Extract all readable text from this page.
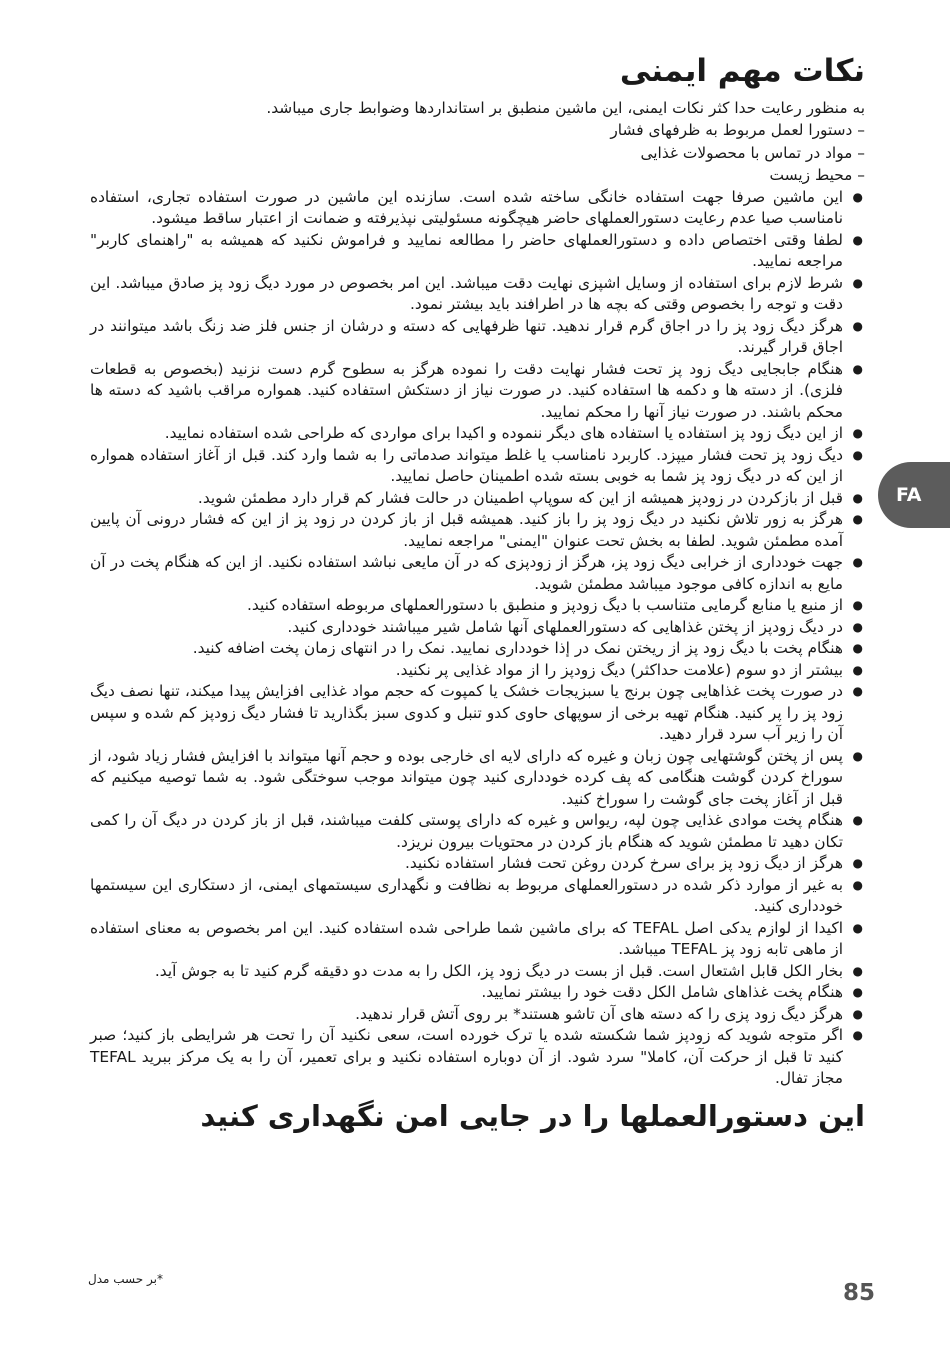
نکات مهم ایمنی

به منظور رعایت حدا کثر نکات ایمنی، این ماشین منطبق بر استانداردها وضوابط جاری میباشد.

– دستورا لعمل مربوط به ظرفهای فشار

– مواد در تماس با محصولات غذایی

– محیط زیست

● این ماشین صرفا جهت استفاده خانگی ساخته شده است. سازنده این ماشین در صورت استفاده تجاری، استفاده نامناسب صیا عدم رعایت دستورالعملهای حاضر هیچگونه مسئولیتی نپذیرفته و ضمانت از اعتبار ساقط میشود.
● لطفا وقتی اختصاص داده و دستورالعملهای حاضر را مطالعه نمایید و فراموش نکنید که همیشه به "راهنمای کاربر" مراجعه نمایید.
● شرط لازم برای استفاده از وسایل اشپزی نهایت دقت میباشد. این امر بخصوص در مورد دیگ زود پز صادق میباشد. این دقت و توجه را بخصوص وقتی که بچه ها در اطرافند باید بیشتر نمود.
● هرگز دیگ زود پز را در اجاق گرم قرار ندهید. تنها ظرفهایی که دسته و درشان از جنس فلز ضد زنگ باشد میتوانند در اجاق قرار گیرند.
● هنگام جابجایی دیگ زود پز تحت فشار نهایت دقت را نموده هرگز به سطوح گرم دست نزنید (بخصوص به قطعات فلزی). از دسته ها و دکمه ها استفاده کنید. در صورت نیاز از دستکش استفاده کنید. همواره مراقب باشید که دسته ها محکم باشند. در صورت نیاز آنها را محکم نمایید.
● از این دیگ زود پز استفاده یا استفاده های دیگر ننموده و اکیدا برای مواردی که طراحی شده استفاده نمایید.
● دیگ زود پز تحت فشار میپزد. کاربرد نامناسب یا غلط میتواند صدماتی را به شما وارد کند. قبل از آغاز استفاده همواره از این که در دیگ زود پز شما به خوبی بسته شده اطمینان حاصل نمایید.
● قبل از بازکردن در زودپز همیشه از این که سوپاپ اطمینان در حالت فشار کم قرار دارد مطمئن شوید.
● هرگز به زور تلاش نکنید در دیگ زود پز را باز کنید. همیشه قبل از باز کردن در زود پز از این که فشار درونی آن پایین آمده مطمئن شوید. لطفا به بخش تحت عنوان "ایمنی" مراجعه نمایید.
● جهت خودداری از خرابی دیگ زود پز، هرگز از زودپزی که در آن مایعی نباشد استفاده نکنید. از این که هنگام پخت در آن مایع به اندازه کافی موجود میباشد مطمئن شوید.
● از منبع یا منابع گرمایی متناسب با دیگ زودپز و منطبق با دستورالعملهای مربوطه استفاده کنید.
● در دیگ زودپز از پختن غذاهایی که دستورالعملهای آنها شامل شیر میباشند خودداری کنید.
● هنگام پخت با دیگ زود پز از ریختن نمک در إذا خودداری نمایید. نمک را در انتهای زمان پخت اضافه کنید.
● بیشتر از دو سوم (علامت حداکثر) دیگ زودپز را از مواد غذایی پر نکنید.
● در صورت پخت غذاهایی چون برنج یا سبزیجات خشک یا کمپوت که حجم مواد غذایی افزایش پیدا میکند، تنها نصف دیگ زود پز را پر کنید. هنگام تهیه برخی از سوپهای حاوی کدو تنبل و کدوی سبز بگذارید تا فشار دیگ زودپز کم شده و سپس آن را زیر آب سرد قرار دهید.
● پس از پختن گوشتهایی چون زبان و غیره که دارای لایه ای خارجی بوده و حجم آنها میتواند با افزایش فشار زیاد شود، از سوراخ کردن گوشت هنگامی که پف کرده خودداری کنید چون میتواند موجب سوختگی شود. به شما توصیه میکنیم که قبل از آغاز پخت جای گوشت را سوراخ کنید.
● هنگام پخت موادی غذایی چون لپه، ریواس و غیره که دارای پوستی کلفت میباشند، قبل از باز کردن در دیگ آن را کمی تکان دهید تا مطمئن شوید که هنگام باز کردن در محتویات بیرون نریزد.
● هرگز از دیگ زود پز برای سرخ کردن روغن تحت فشار استفاده نکنید.
● به غیر از موارد ذکر شده در دستورالعملهای مربوط به نظافت و نگهداری سیستمهای ایمنی، از دستکاری این سیستمها خودداری کنید.
● اکیدا از لوازم یدکی اصل TEFAL که برای ماشین شما طراحی شده استفاده کنید. این امر بخصوص به معنای استفاده از ماهی تابه زود پز TEFAL میباشد.
● بخار الکل قابل اشتعال است. قبل از بست در دیگ زود پز، الکل را به مدت دو دقیقه گرم کنید تا به جوش آید.
● هنگام پخت غذاهای شامل الکل دقت خود را بیشتر نمایید.
● هرگز دیگ زود پزی را که دسته های آن تاشو هستند* بر روی آتش قرار ندهید.
● اگر متوجه شوید که زودپز شما شکسته شده یا ترک خورده است، سعی نکنید آن را تحت هر شرایطی باز کنید؛ صبر کنید تا قبل از حرکت آن، کاملا" سرد شود. از آن دوباره استفاده نکنید و برای تعمیر، آن را به یک مرکز ببرید TEFAL مجاز تفال.
این دستورالعملها را در جایی امن نگهداری کنید
*بر حسب مدل
85
FA
